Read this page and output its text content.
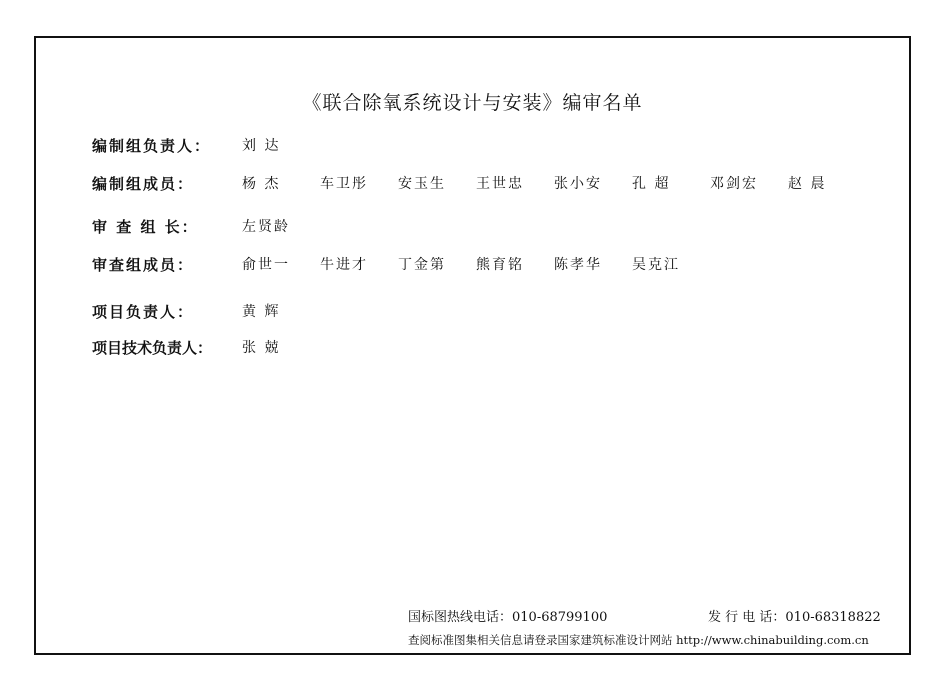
《联合除氧系统设计与安装》编审名单
编制组负责人：	刘 达
编制组成员：	杨 杰	车卫彤	安玉生	王世忠	张小安	孔 超	邓剑宏	赵 晨
审 查 组 长：	左贤龄
审查组成员：	俞世一	牛进才	丁金第	熊育铭	陈孝华	吴克江
项目负责人：	黄 辉
项目技术负责人：	张 兢
国标图热线电话：010-68799100	发 行 电 话：010-68318822
查阅标准图集相关信息请登录国家建筑标准设计网站 http://www.chinabuilding.com.cn
